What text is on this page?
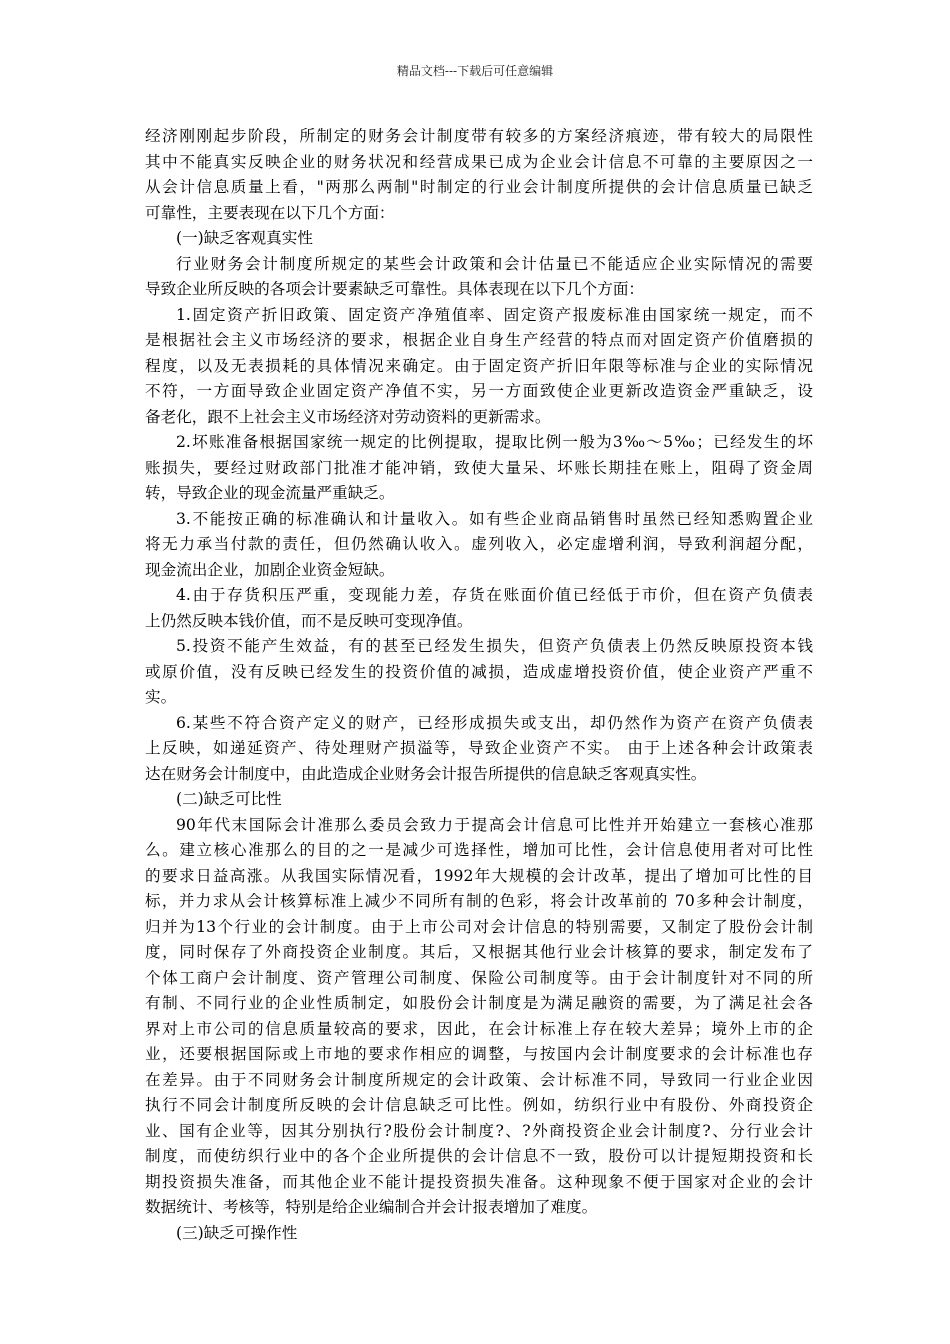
精品文档---下载后可任意编辑
经济刚刚起步阶段，所制定的财务会计制度带有较多的方案经济痕迹，带有较大的局限性
其中不能真实反映企业的财务状况和经营成果已成为企业会计信息不可靠的主要原因之一
从会计信息质量上看，"两那么两制"时制定的行业会计制度所提供的会计信息质量已缺乏
可靠性，主要表现在以下几个方面：
(一)缺乏客观真实性
行业财务会计制度所规定的某些会计政策和会计估量已不能适应企业实际情况的需要
导致企业所反映的各项会计要素缺乏可靠性。具体表现在以下几个方面：
1.固定资产折旧政策、固定资产净殖值率、固定资产报废标准由国家统一规定，而不
是根据社会主义市场经济的要求，根据企业自身生产经营的特点而对固定资产价值磨损的
程度，以及无表损耗的具体情况来确定。由于固定资产折旧年限等标准与企业的实际情况
不符，一方面导致企业固定资产净值不实，另一方面致使企业更新改造资金严重缺乏，设
备老化，跟不上社会主义市场经济对劳动资料的更新需求。
2.坏账准备根据国家统一规定的比例提取，提取比例一般为3‰～5‰；已经发生的坏
账损失，要经过财政部门批准才能冲销，致使大量呆、坏账长期挂在账上，阻碍了资金周
转，导致企业的现金流量严重缺乏。
3.不能按正确的标准确认和计量收入。如有些企业商品销售时虽然已经知悉购置企业
将无力承当付款的责任，但仍然确认收入。虚列收入，必定虚增利润，导致利润超分配，
现金流出企业，加剧企业资金短缺。
4.由于存货积压严重，变现能力差，存货在账面价值已经低于市价，但在资产负债表
上仍然反映本钱价值，而不是反映可变现净值。
5.投资不能产生效益，有的甚至已经发生损失，但资产负债表上仍然反映原投资本钱
或原价值，没有反映已经发生的投资价值的减损，造成虚增投资价值，使企业资产严重不
实。
6.某些不符合资产定义的财产，已经形成损失或支出，却仍然作为资产在资产负债表
上反映，如递延资产、待处理财产损溢等，导致企业资产不实。 由于上述各种会计政策表
达在财务会计制度中，由此造成企业财务会计报告所提供的信息缺乏客观真实性。
(二)缺乏可比性
90年代末国际会计准那么委员会致力于提高会计信息可比性并开始建立一套核心准那
么。建立核心准那么的目的之一是减少可选择性，增加可比性，会计信息使用者对可比性
的要求日益高涨。从我国实际情况看，1992年大规模的会计改革，提出了增加可比性的目
标，并力求从会计核算标准上减少不同所有制的色彩，将会计改革前的 70多种会计制度，
归并为13个行业的会计制度。由于上市公司对会计信息的特别需要，又制定了股份会计制
度，同时保存了外商投资企业制度。其后，又根据其他行业会计核算的要求，制定发布了
个体工商户会计制度、资产管理公司制度、保险公司制度等。由于会计制度针对不同的所
有制、不同行业的企业性质制定，如股份会计制度是为满足融资的需要，为了满足社会各
界对上市公司的信息质量较高的要求，因此，在会计标准上存在较大差异；境外上市的企
业，还要根据国际或上市地的要求作相应的调整，与按国内会计制度要求的会计标准也存
在差异。由于不同财务会计制度所规定的会计政策、会计标准不同，导致同一行业企业因
执行不同会计制度所反映的会计信息缺乏可比性。例如，纺织行业中有股份、外商投资企
业、国有企业等，因其分别执行?股份会计制度?、?外商投资企业会计制度?、分行业会计
制度，而使纺织行业中的各个企业所提供的会计信息不一致，股份可以计提短期投资和长
期投资损失准备，而其他企业不能计提投资损失准备。这种现象不便于国家对企业的会计
数据统计、考核等，特别是给企业编制合并会计报表增加了难度。
(三)缺乏可操作性
